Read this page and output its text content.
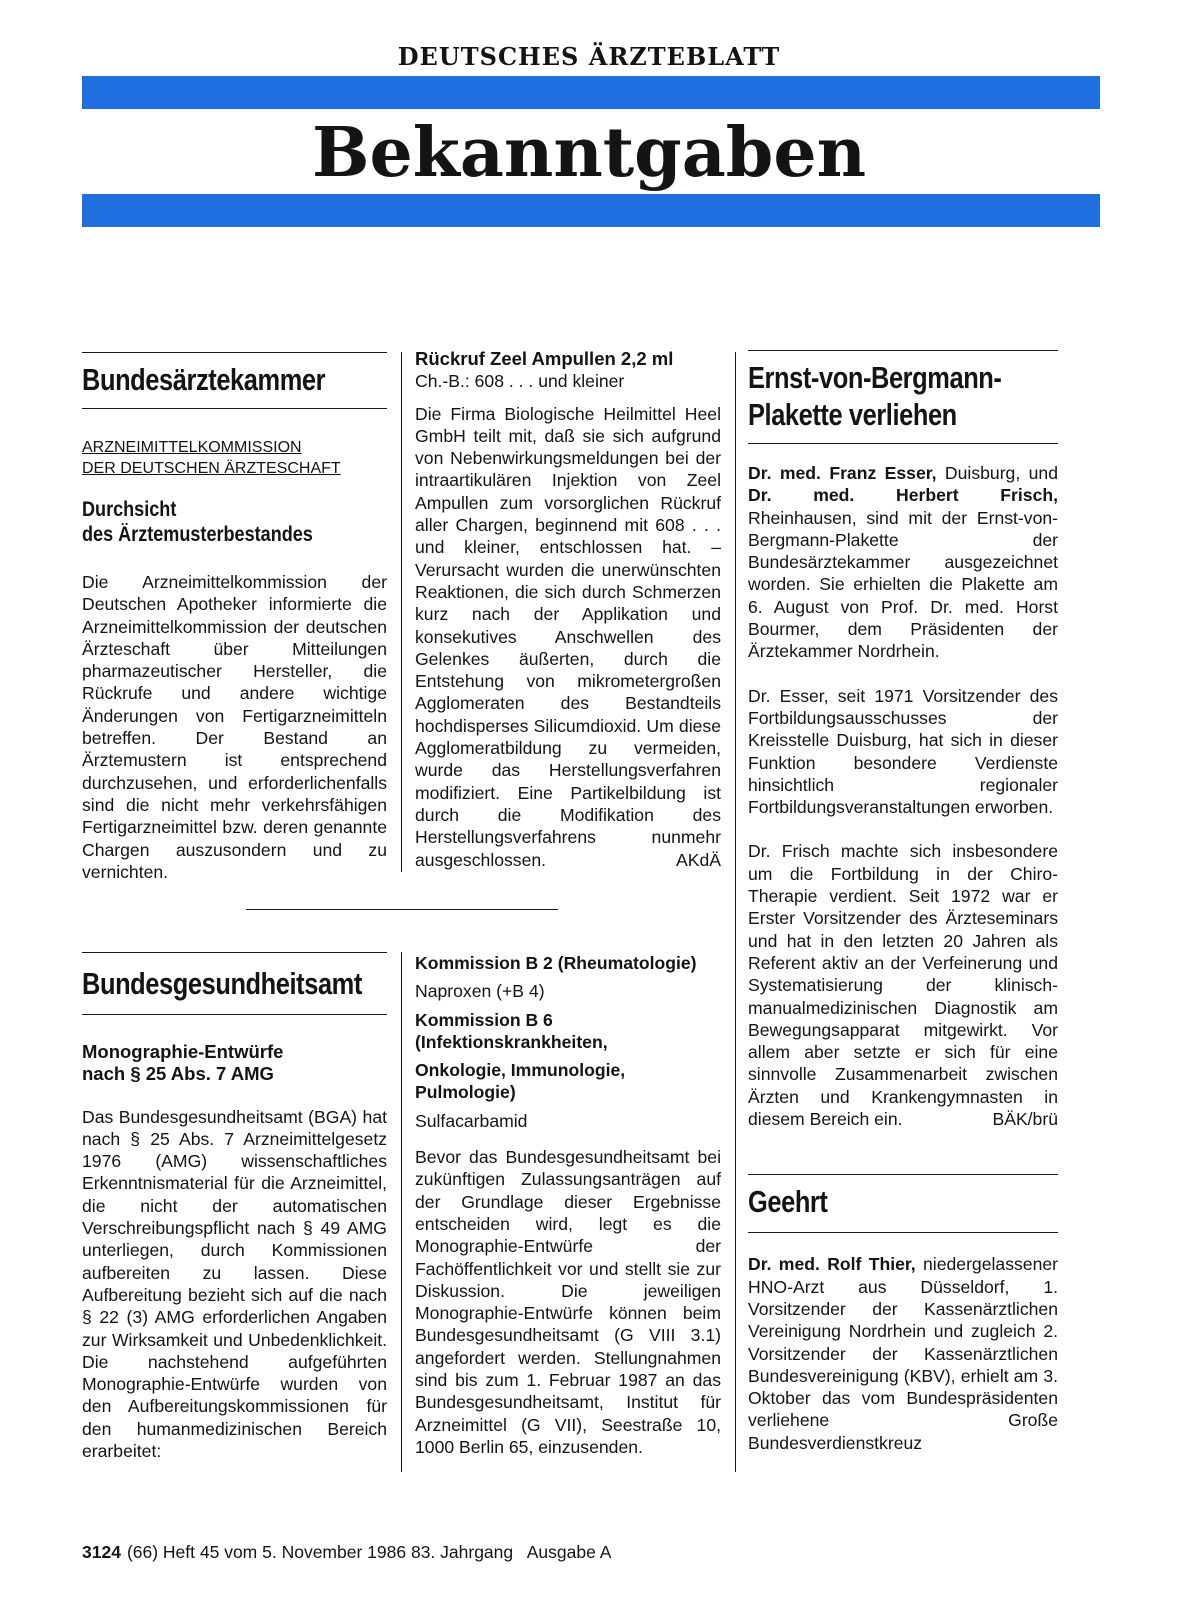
DEUTSCHES ÄRZTEBLATT
Bekanntgaben
Bundesärztekammer
ARZNEIMITTELKOMMISSION
DER DEUTSCHEN ÄRZTESCHAFT
Durchsicht
des Ärztemusterbestandes

Die Arzneimittelkommission der Deutschen Apotheker informierte die Arzneimittelkommission der deutschen Ärzteschaft über Mitteilungen pharmazeutischer Hersteller, die Rückrufe und andere wichtige Änderungen von Fertigarzneimitteln betreffen. Der Bestand an Ärztemustern ist entsprechend durchzusehen, und erforderlichenfalls sind die nicht mehr verkehrsfähigen Fertigarzneimittel bzw. deren genannte Chargen auszusondern und zu vernichten.

Rückruf Zeel Ampullen 2,2 ml
Ch.-B.: 608 . . . und kleiner

Die Firma Biologische Heilmittel Heel GmbH teilt mit, daß sie sich aufgrund von Nebenwirkungsmeldungen bei der intraartikulären Injektion von Zeel Ampullen zum vorsorglichen Rückruf aller Chargen, beginnend mit 608 . . . und kleiner, entschlossen hat. – Verursacht wurden die unerwünschten Reaktionen, die sich durch Schmerzen kurz nach der Applikation und konsekutives Anschwellen des Gelenkes äußerten, durch die Entstehung von mikrometergroßen Agglomeraten des Bestandteils hochdisperses Silicumdioxid. Um diese Agglomeratbildung zu vermeiden, wurde das Herstellungsverfahren modifiziert. Eine Partikelbildung ist durch die Modifikation des Herstellungsverfahrens nunmehr ausgeschlossen.	AKdÄ

Ernst-von-Bergmann-
Plakette verliehen

Dr. med. Franz Esser, Duisburg, und Dr. med. Herbert Frisch, Rheinhausen, sind mit der Ernst-von-Bergmann-Plakette der Bundesärztekammer ausgezeichnet worden. Sie erhielten die Plakette am 6. August von Prof. Dr. med. Horst Bourmer, dem Präsidenten der Ärztekammer Nordrhein.

Dr. Esser, seit 1971 Vorsitzender des Fortbildungsausschusses der Kreisstelle Duisburg, hat sich in dieser Funktion besondere Verdienste hinsichtlich regionaler Fortbildungsveranstaltungen erworben.

Dr. Frisch machte sich insbesondere um die Fortbildung in der Chiro-Therapie verdient. Seit 1972 war er Erster Vorsitzender des Ärzteseminars und hat in den letzten 20 Jahren als Referent aktiv an der Verfeinerung und Systematisierung der klinisch-manualmedizinischen Diagnostik am Bewegungsapparat mitgewirkt. Vor allem aber setzte er sich für eine sinnvolle Zusammenarbeit zwischen Ärzten und Krankengymnasten in diesem Bereich ein.	BÄK/brü

Geehrt

Dr. med. Rolf Thier, niedergelassener HNO-Arzt aus Düsseldorf, 1. Vorsitzender der Kassenärztlichen Vereinigung Nordrhein und zugleich 2. Vorsitzender der Kassenärztlichen Bundesvereinigung (KBV), erhielt am 3. Oktober das vom Bundespräsidenten verliehene Große Bundesverdienstkreuz

Bundesgesundheitsamt
Monographie-Entwürfe
nach § 25 Abs. 7 AMG

Das Bundesgesundheitsamt (BGA) hat nach § 25 Abs. 7 Arzneimittelgesetz 1976 (AMG) wissenschaftliches Erkenntnismaterial für die Arzneimittel, die nicht der automatischen Verschreibungspflicht nach § 49 AMG unterliegen, durch Kommissionen aufbereiten zu lassen. Diese Aufbereitung bezieht sich auf die nach § 22 (3) AMG erforderlichen Angaben zur Wirksamkeit und Unbedenklichkeit. Die nachstehend aufgeführten Monographie-Entwürfe wurden von den Aufbereitungskommissionen für den humanmedizinischen Bereich erarbeitet:

Kommission B 2 (Rheumatologie)
Naproxen (+B 4)
Kommission B 6 (Infektionskrankheiten,
Onkologie, Immunologie, Pulmologie)
Sulfacarbamid

Bevor das Bundesgesundheitsamt bei zukünftigen Zulassungsanträgen auf der Grundlage dieser Ergebnisse entscheiden wird, legt es die Monographie-Entwürfe der Fachöffentlichkeit vor und stellt sie zur Diskussion. Die jeweiligen Monographie-Entwürfe können beim Bundesgesundheitsamt (G VIII 3.1) angefordert werden. Stellungnahmen sind bis zum 1. Februar 1987 an das Bundesgesundheitsamt, Institut für Arzneimittel (G VII), Seestraße 10, 1000 Berlin 65, einzusenden.

3124 (66) Heft 45 vom 5. November 1986 83. Jahrgang   Ausgabe A
